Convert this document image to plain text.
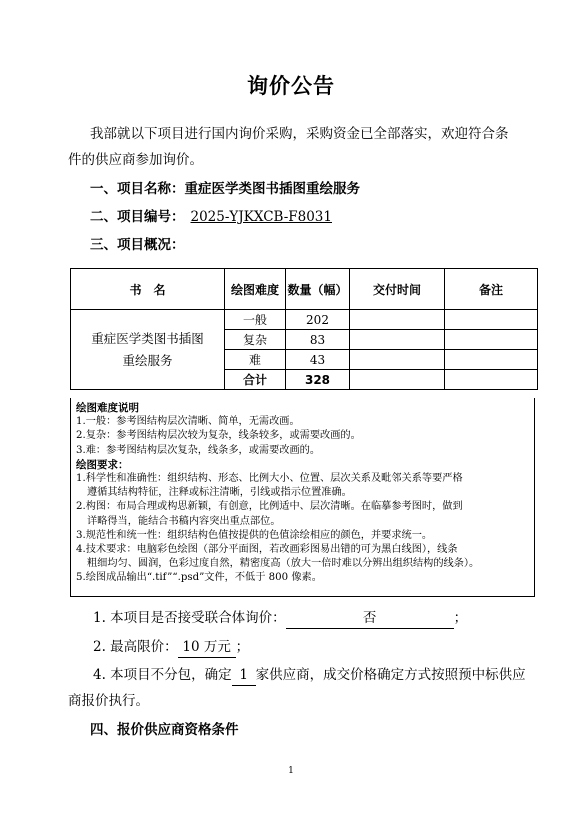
询价公告
我部就以下项目进行国内询价采购，采购资金已全部落实，欢迎符合条
件的供应商参加询价。
一、项目名称：重症医学类图书插图重绘服务
二、项目编号： 2025-YJKXCB-F8031
三、项目概况：
书　名	绘图难度	数量（幅）	交付时间	备注

重症医学类图书插图
重绘服务	一般	202		
	复杂	83		
	难	43		
	合计	328		
绘图难度说明
1.一般：参考图结构层次清晰、简单，无需改画。
2.复杂：参考图结构层次较为复杂，线条较多，或需要改画的。
3.难：参考图结构层次复杂，线条多，或需要改画的。
绘图要求：
1.科学性和准确性：组织结构、形态、比例大小、位置、层次关系及毗邻关系等要严格
遵循其结构特征，注释或标注清晰，引线或指示位置准确。
2.构图：布局合理或构思新颖，有创意，比例适中、层次清晰。在临摹参考图时，做到
详略得当，能结合书稿内容突出重点部位。
3.规范性和统一性：组织结构色值按提供的色值涂绘相应的颜色，并要求统一。
4.技术要求：电脑彩色绘图（部分平面图，若改画彩图易出错的可为黑白线图），线条
粗细均匀、圆润，色彩过度自然，精密度高（放大一倍时难以分辨出组织结构的线条）。
5.绘图成品输出“.tif”“.psd”文件，不低于 800 像素。
1. 本项目是否接受联合体询价：	否	；
2. 最高限价： 10 万元 ；
4. 本项目不分包，确定 1 家供应商，成交价格确定方式按照预中标供应
商报价执行。
四、报价供应商资格条件
1
